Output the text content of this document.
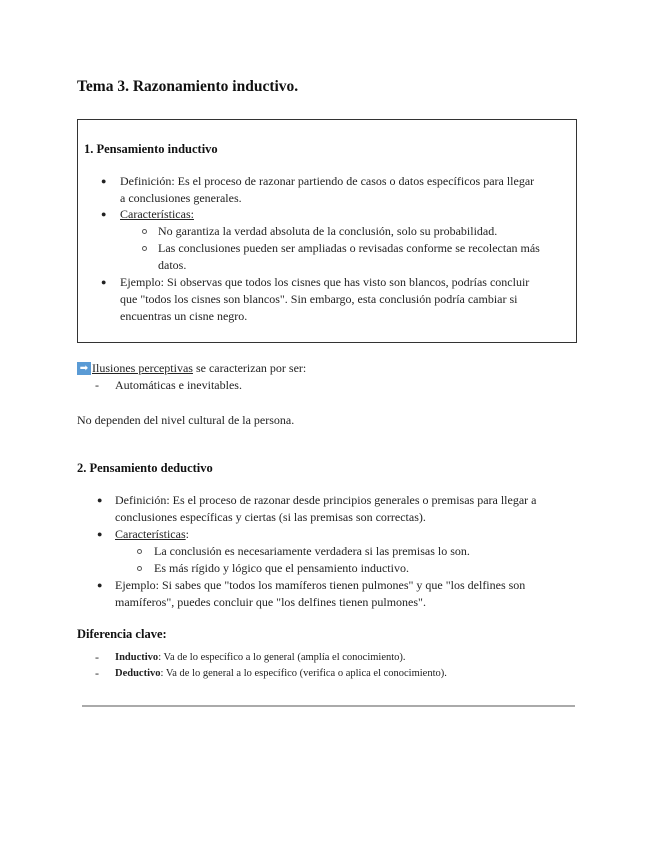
Tema 3. Razonamiento inductivo.
1. Pensamiento inductivo
● Definición: Es el proceso de razonar partiendo de casos o datos específicos para llegar
a conclusiones generales.
● Características:
No garantiza la verdad absoluta de la conclusión, solo su probabilidad.
Las conclusiones pueden ser ampliadas o revisadas conforme se recolectan más
datos.
● Ejemplo: Si observas que todos los cisnes que has visto son blancos, podrías concluir
que "todos los cisnes son blancos". Sin embargo, esta conclusión podría cambiar si
encuentras un cisne negro.
➡ Ilusiones perceptivas se caracterizan por ser:
- Automáticas e inevitables.
No dependen del nivel cultural de la persona.
2. Pensamiento deductivo
● Definición: Es el proceso de razonar desde principios generales o premisas para llegar a
conclusiones específicas y ciertas (si las premisas son correctas).
● Características:
La conclusión es necesariamente verdadera si las premisas lo son.
Es más rígido y lógico que el pensamiento inductivo.
● Ejemplo: Si sabes que "todos los mamíferos tienen pulmones" y que "los delfines son
mamíferos", puedes concluir que "los delfines tienen pulmones".
Diferencia clave:
- Inductivo: Va de lo específico a lo general (amplía el conocimiento).
- Deductivo: Va de lo general a lo específico (verifica o aplica el conocimiento).
